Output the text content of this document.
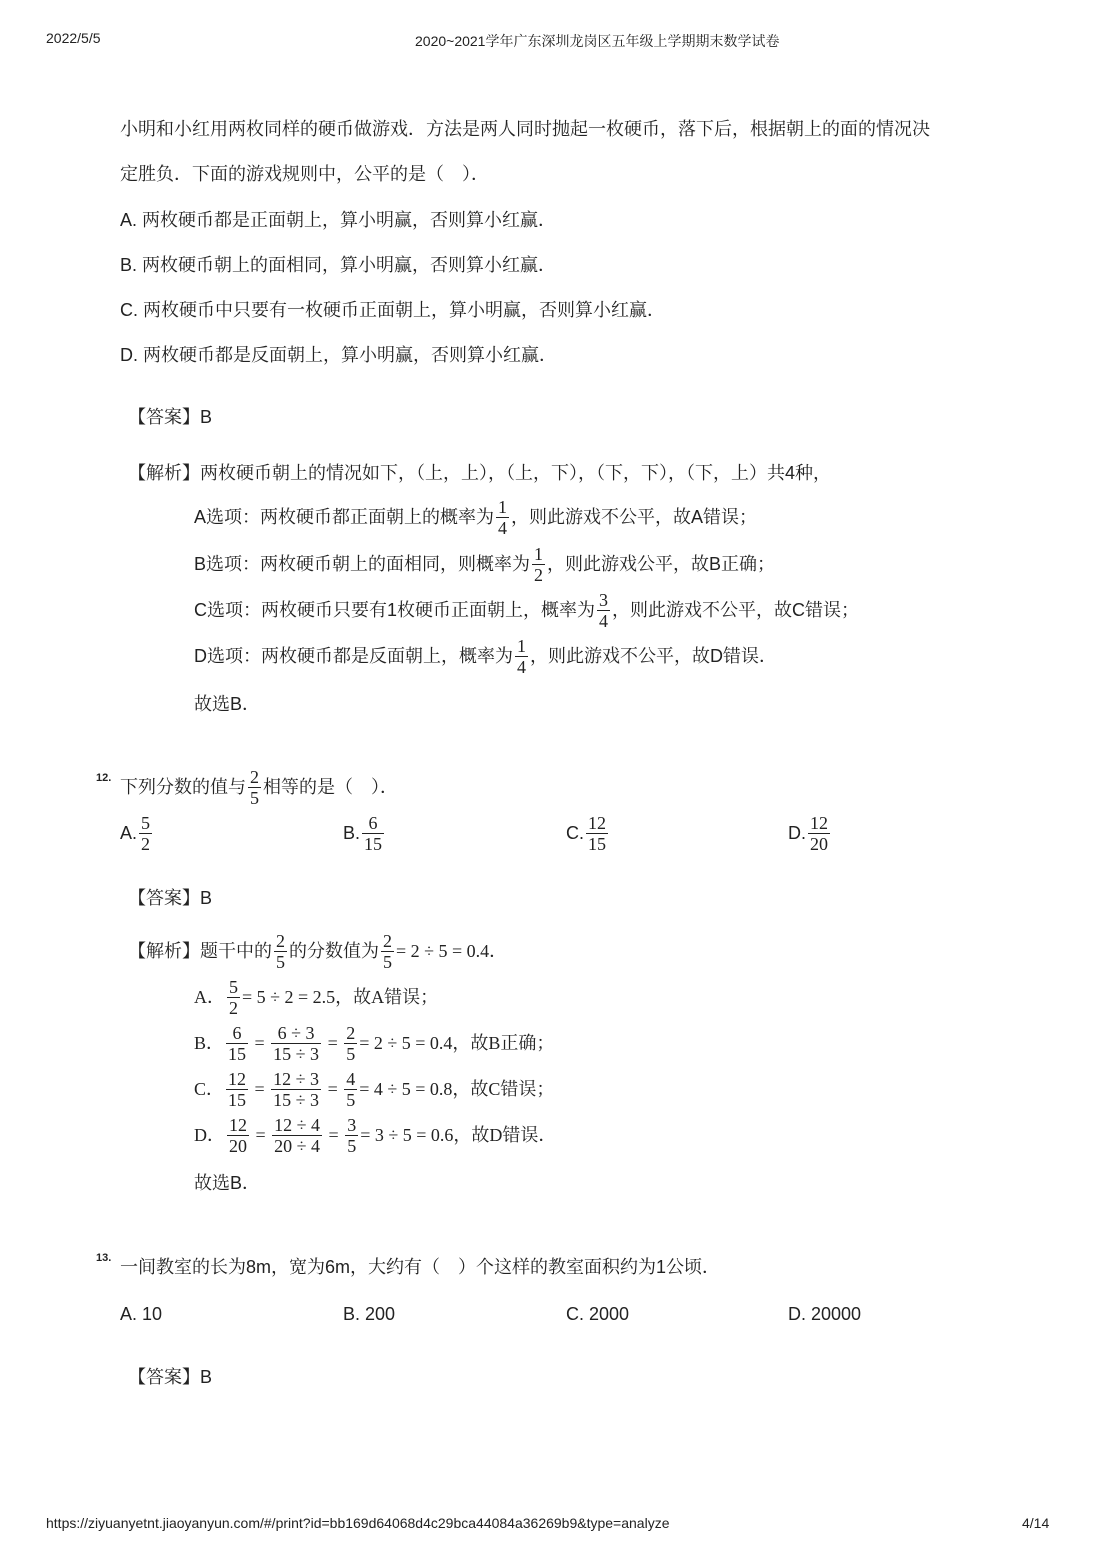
2022/5/5	2020~2021学年广东深圳龙岗区五年级上学期期末数学试卷
小明和小红用两枚同样的硬币做游戏．方法是两人同时抛起一枚硬币，落下后，根据朝上的面的情况决
定胜负．下面的游戏规则中，公平的是（　）．
A. 两枚硬币都是正面朝上，算小明赢，否则算小红赢．
B. 两枚硬币朝上的面相同，算小明赢，否则算小红赢．
C. 两枚硬币中只要有一枚硬币正面朝上，算小明赢，否则算小红赢．
D. 两枚硬币都是反面朝上，算小明赢，否则算小红赢．
【答案】B
【解析】两枚硬币朝上的情况如下，（上，上），（上，下），（下，下），（下，上）共4种，
A选项：两枚硬币都正面朝上的概率为 $\frac{1}{4}$ ，则此游戏不公平，故A错误；
B选项：两枚硬币朝上的面相同，则概率为 $\frac{1}{2}$ ，则此游戏公平，故B正确；
C选项：两枚硬币只要有1枚硬币正面朝上，概率为 $\frac{3}{4}$ ，则此游戏不公平，故C错误；
D选项：两枚硬币都是反面朝上，概率为 $\frac{1}{4}$ ，则此游戏不公平，故D错误．
故选B．
12. 下列分数的值与 $\frac{2}{5}$ 相等的是（　）．
A. $\frac{5}{2}$	B. $\frac{6}{15}$	C. $\frac{12}{15}$	D. $\frac{12}{20}$
【答案】B
【解析】 题干中的 $\frac{2}{5}$ 的分数值为 $\frac{2}{5} = 2 \div 5 = 0.4$．
A． $\frac{5}{2} = 5 \div 2 = 2.5$，故A错误；
B． $\frac{6}{15} = \frac{6 \div 3}{15 \div 3} = \frac{2}{5} = 2 \div 5 = 0.4$，故B正确；
C． $\frac{12}{15} = \frac{12 \div 3}{15 \div 3} = \frac{4}{5} = 4 \div 5 = 0.8$，故C错误；
D． $\frac{12}{20} = \frac{12 \div 4}{20 \div 4} = \frac{3}{5} = 3 \div 5 = 0.6$，故D错误．
故选B．
13. 一间教室的长为8m，宽为6m，大约有（　）个这样的教室面积约为1公顷．
A. 10	B. 200	C. 2000	D. 20000
【答案】B
https://ziyuanyetnt.jiaoyanyun.com/#/print?id=bb169d64068d4c29bca44084a36269b9&type=analyze	4/14
